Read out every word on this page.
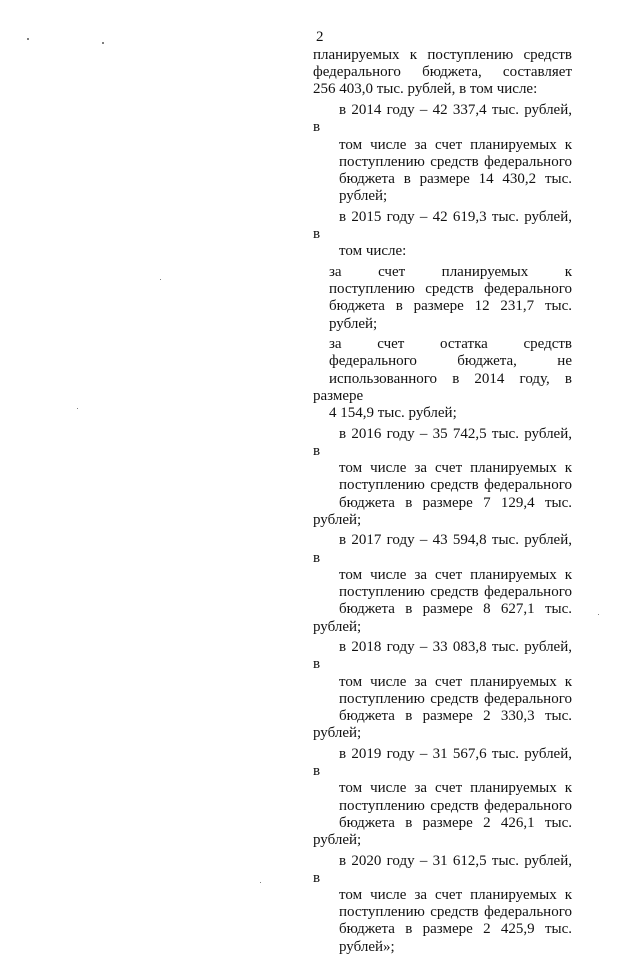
2
планируемых к поступлению средств
федерального бюджета, составляет
256 403,0 тыс. рублей, в том числе:
в 2014 году – 42 337,4 тыс. рублей, в
том числе за счет планируемых к
поступлению средств федерального
бюджета в размере 14 430,2 тыс.
рублей;
в 2015 году – 42 619,3 тыс. рублей, в
том числе:
за счет планируемых к
поступлению средств федерального
бюджета в размере 12 231,7 тыс.
рублей;
за счет остатка средств
федерального бюджета, не
использованного в 2014 году, в размере
4 154,9 тыс. рублей;
в 2016 году – 35 742,5 тыс. рублей, в
том числе за счет планируемых к
поступлению средств федерального
бюджета в размере 7 129,4 тыс. рублей;
в 2017 году – 43 594,8 тыс. рублей, в
том числе за счет планируемых к
поступлению средств федерального
бюджета в размере 8 627,1 тыс. рублей;
в 2018 году – 33 083,8 тыс. рублей, в
том числе за счет планируемых к
поступлению средств федерального
бюджета в размере 2 330,3 тыс. рублей;
в 2019 году – 31 567,6 тыс. рублей, в
том числе за счет планируемых к
поступлению средств федерального
бюджета в размере 2 426,1 тыс. рублей;
в 2020 году – 31 612,5 тыс. рублей, в
том числе за счет планируемых к
поступлению средств федерального
бюджета в размере 2 425,9 тыс.
рублей»;
